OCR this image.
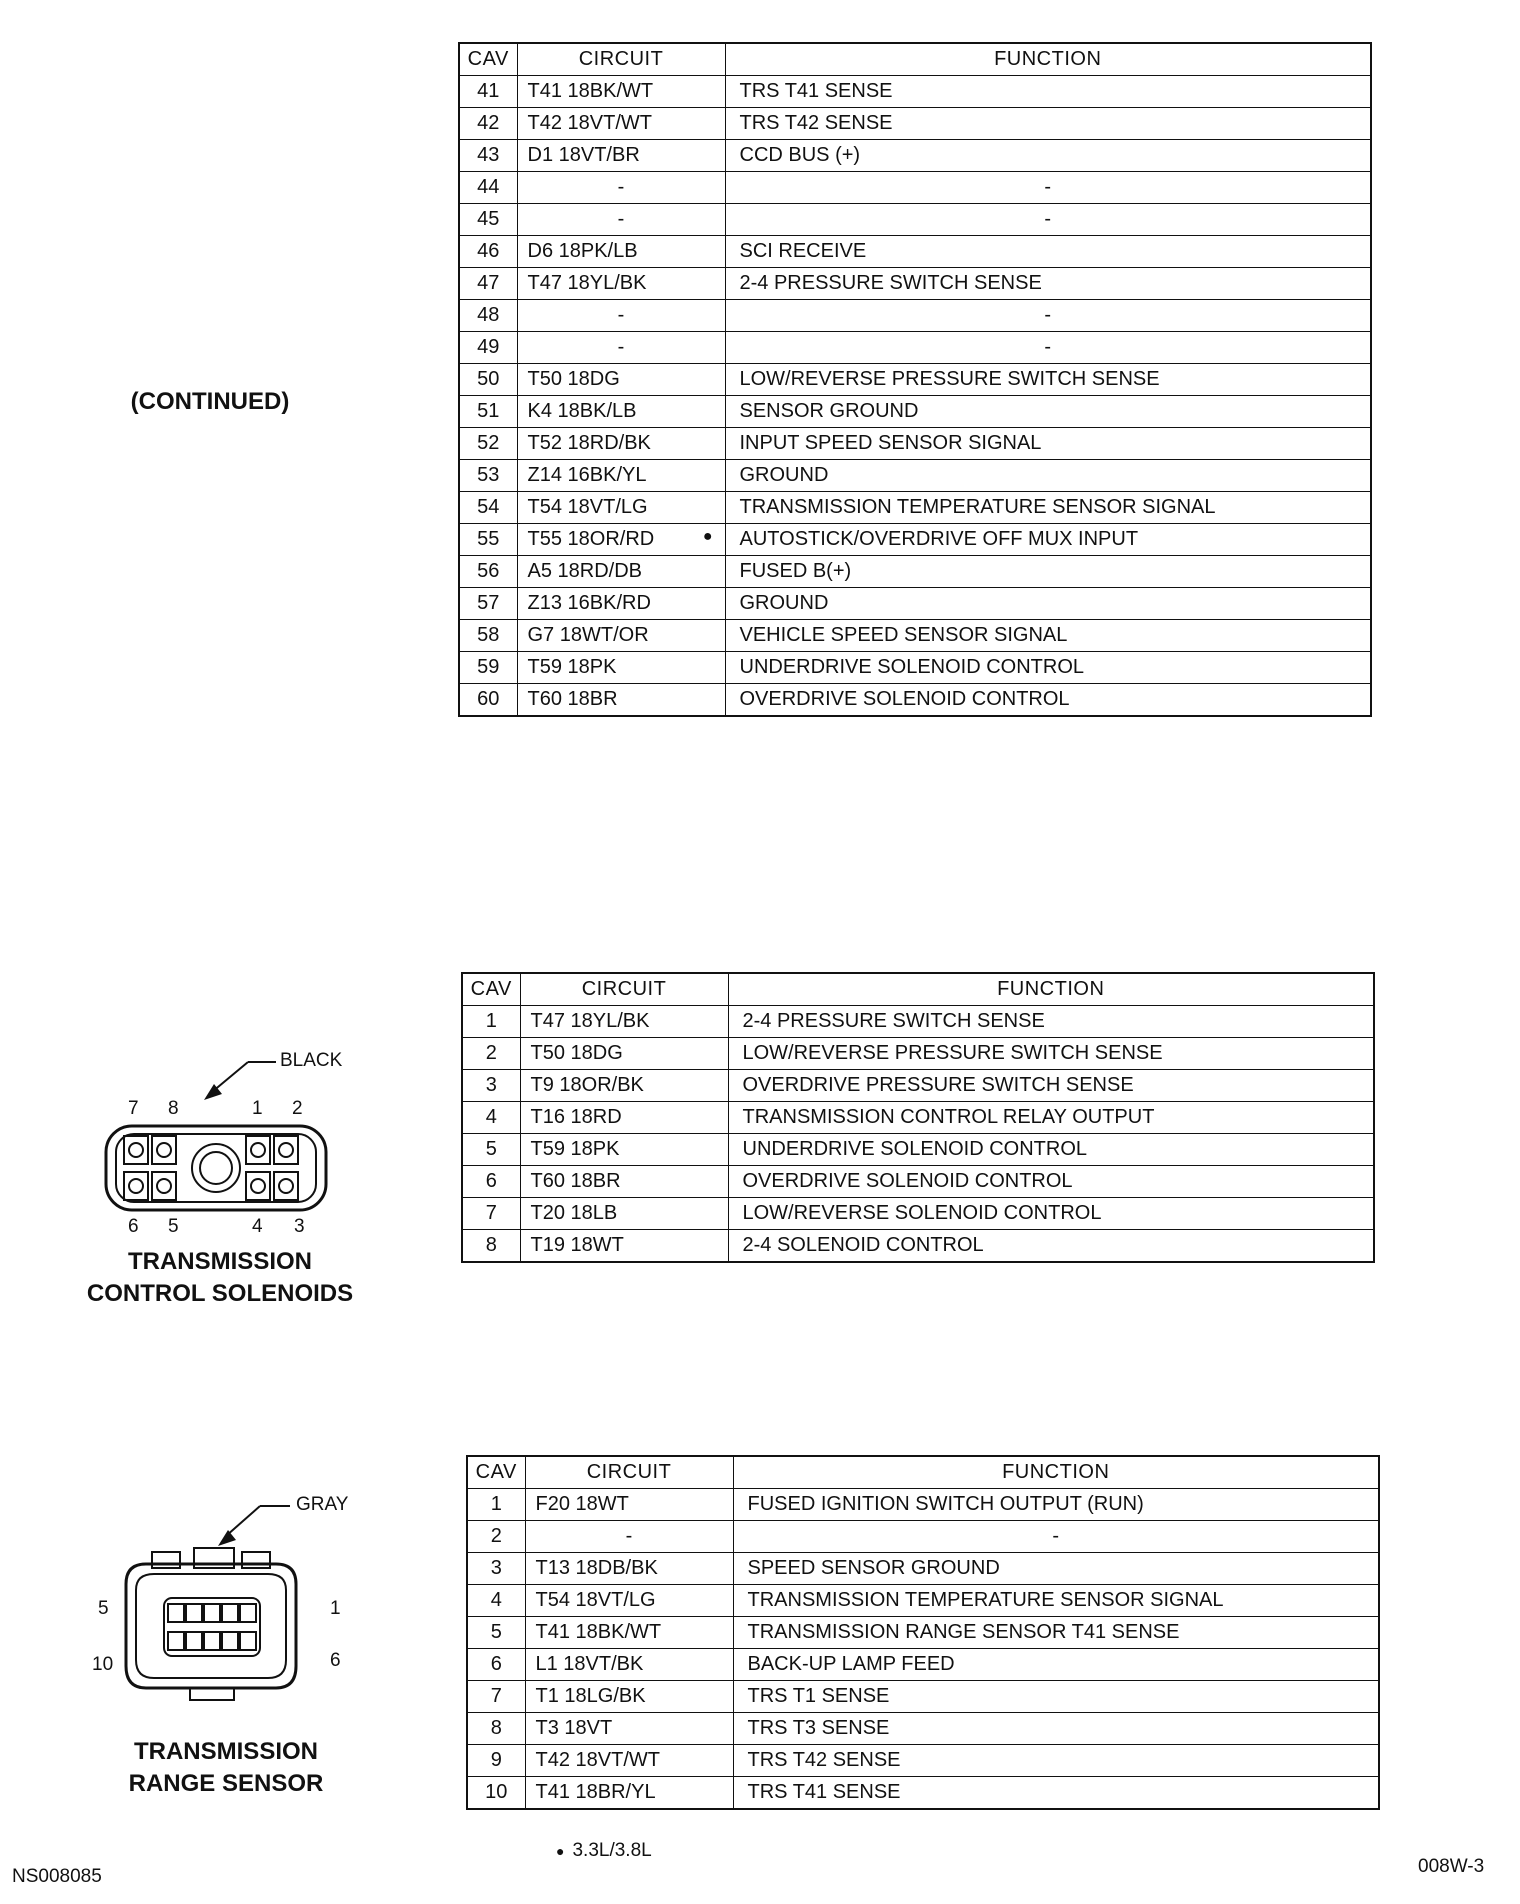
(CONTINUED)
CAV	CIRCUIT	FUNCTION
41	T41 18BK/WT	TRS T41 SENSE
42	T42 18VT/WT	TRS T42 SENSE
43	D1 18VT/BR	CCD BUS (+)
44	-	-
45	-	-
46	D6 18PK/LB	SCI RECEIVE
47	T47 18YL/BK	2-4 PRESSURE SWITCH SENSE
48	-	-
49	-	-
50	T50 18DG	LOW/REVERSE PRESSURE SWITCH SENSE
51	K4 18BK/LB	SENSOR GROUND
52	T52 18RD/BK	INPUT SPEED SENSOR SIGNAL
53	Z14 16BK/YL	GROUND
54	T54 18VT/LG	TRANSMISSION TEMPERATURE SENSOR SIGNAL
55	T55 18OR/RD ●	AUTOSTICK/OVERDRIVE OFF MUX INPUT
56	A5 18RD/DB	FUSED B(+)
57	Z13 16BK/RD	GROUND
58	G7 18WT/OR	VEHICLE SPEED SENSOR SIGNAL
59	T59 18PK	UNDERDRIVE SOLENOID CONTROL
60	T60 18BR	OVERDRIVE SOLENOID CONTROL
BLACK
7 8	1 2
6 5	4 3
TRANSMISSION
CONTROL SOLENOIDS
CAV	CIRCUIT	FUNCTION
1	T47 18YL/BK	2-4 PRESSURE SWITCH SENSE
2	T50 18DG	LOW/REVERSE PRESSURE SWITCH SENSE
3	T9 18OR/BK	OVERDRIVE PRESSURE SWITCH SENSE
4	T16 18RD	TRANSMISSION CONTROL RELAY OUTPUT
5	T59 18PK	UNDERDRIVE SOLENOID CONTROL
6	T60 18BR	OVERDRIVE SOLENOID CONTROL
7	T20 18LB	LOW/REVERSE SOLENOID CONTROL
8	T19 18WT	2-4 SOLENOID CONTROL
GRAY
5	1
10	6
TRANSMISSION
RANGE SENSOR
CAV	CIRCUIT	FUNCTION
1	F20 18WT	FUSED IGNITION SWITCH OUTPUT (RUN)
2	-	-
3	T13 18DB/BK	SPEED SENSOR GROUND
4	T54 18VT/LG	TRANSMISSION TEMPERATURE SENSOR SIGNAL
5	T41 18BK/WT	TRANSMISSION RANGE SENSOR T41 SENSE
6	L1 18VT/BK	BACK-UP LAMP FEED
7	T1 18LG/BK	TRS T1 SENSE
8	T3 18VT	TRS T3 SENSE
9	T42 18VT/WT	TRS T42 SENSE
10	T41 18BR/YL	TRS T41 SENSE
● 3.3L/3.8L
NS008085	008W-3
